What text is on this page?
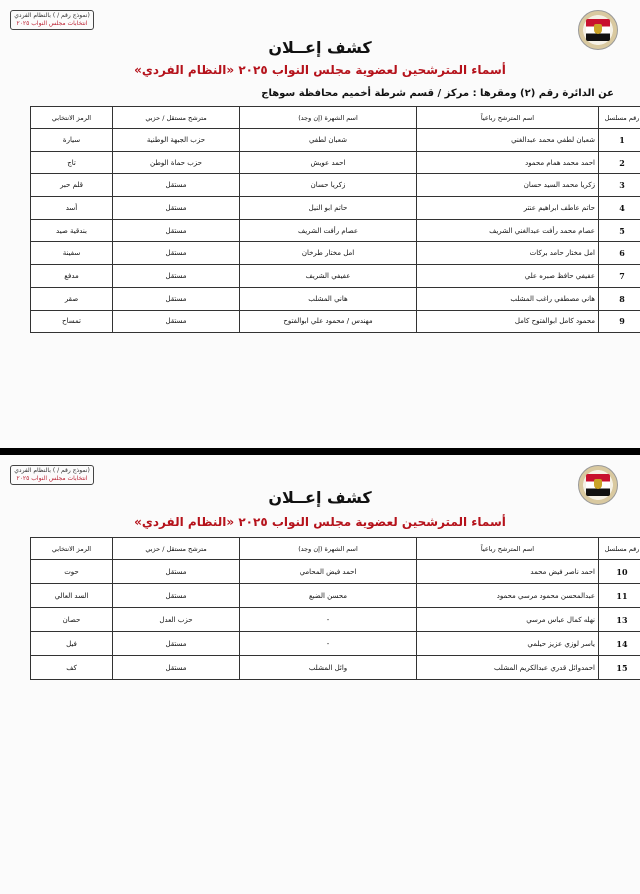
(نموذج رقم / ) بالنظام الفردي
انتخابات مجلس النواب ٢٠٢٥
كشف إعــلان
أسماء المترشحين لعضوية مجلس النواب ٢٠٢٥ «النظام الفردي»
عن الدائرة رقم (٢) ومقرها : مركز / قسم شرطة أخميم محافظة سوهاج
رقم مسلسل	اسم المترشح رباعياً	اسم الشهرة (إن وجد)	مترشح مستقل / حزبي	الرمز الانتخابي
1	شعبان لطفي محمد عبدالغني	شعبان لطفي	حزب الجبهة الوطنية	سيارة
2	احمد محمد همام محمود	احمد عويش	حزب حماة الوطن	تاج
3	زكريا محمد السيد حسان	زكريا حسان	مستقل	قلم حبر
4	حاتم عاطف ابراهيم عنتر	حاتم ابو النيل	مستقل	أسد
5	عصام محمد رأفت عبدالغني الشريف	عصام رأفت الشريف	مستقل	بندقية صيد
6	امل مختار حامد بركات	امل مختار طرخان	مستقل	سفينة
7	عفيفي حافظ صبره علي	عفيفي الشريف	مستقل	مدفع
8	هاني مصطفي راغب المشلب	هاني المشلب	مستقل	صقر
9	محمود كامل ابوالفتوح كامل	مهندس / محمود علي ابوالفتوح	مستقل	تمساح
(نموذج رقم / ) بالنظام الفردي
انتخابات مجلس النواب ٢٠٢٥
كشف إعــلان
أسماء المترشحين لعضوية مجلس النواب ٢٠٢٥ «النظام الفردي»
رقم مسلسل	اسم المترشح رباعياً	اسم الشهرة (إن وجد)	مترشح مستقل / حزبي	الرمز الانتخابي
10	احمد ناصر فيض محمد	احمد فيض المحامي	مستقل	حوت
11	عبدالمحسن محمود مرسي محمود	محسن الضبع	مستقل	السد العالي
13	نهله كمال عباس مرسي	-	حزب العدل	حصان
14	ياسر لوزي عزيز حيلمي	-	مستقل	فيل
15	احمدوائل قدري عبدالكريم المشلب	وائل المشلب	مستقل	كف
